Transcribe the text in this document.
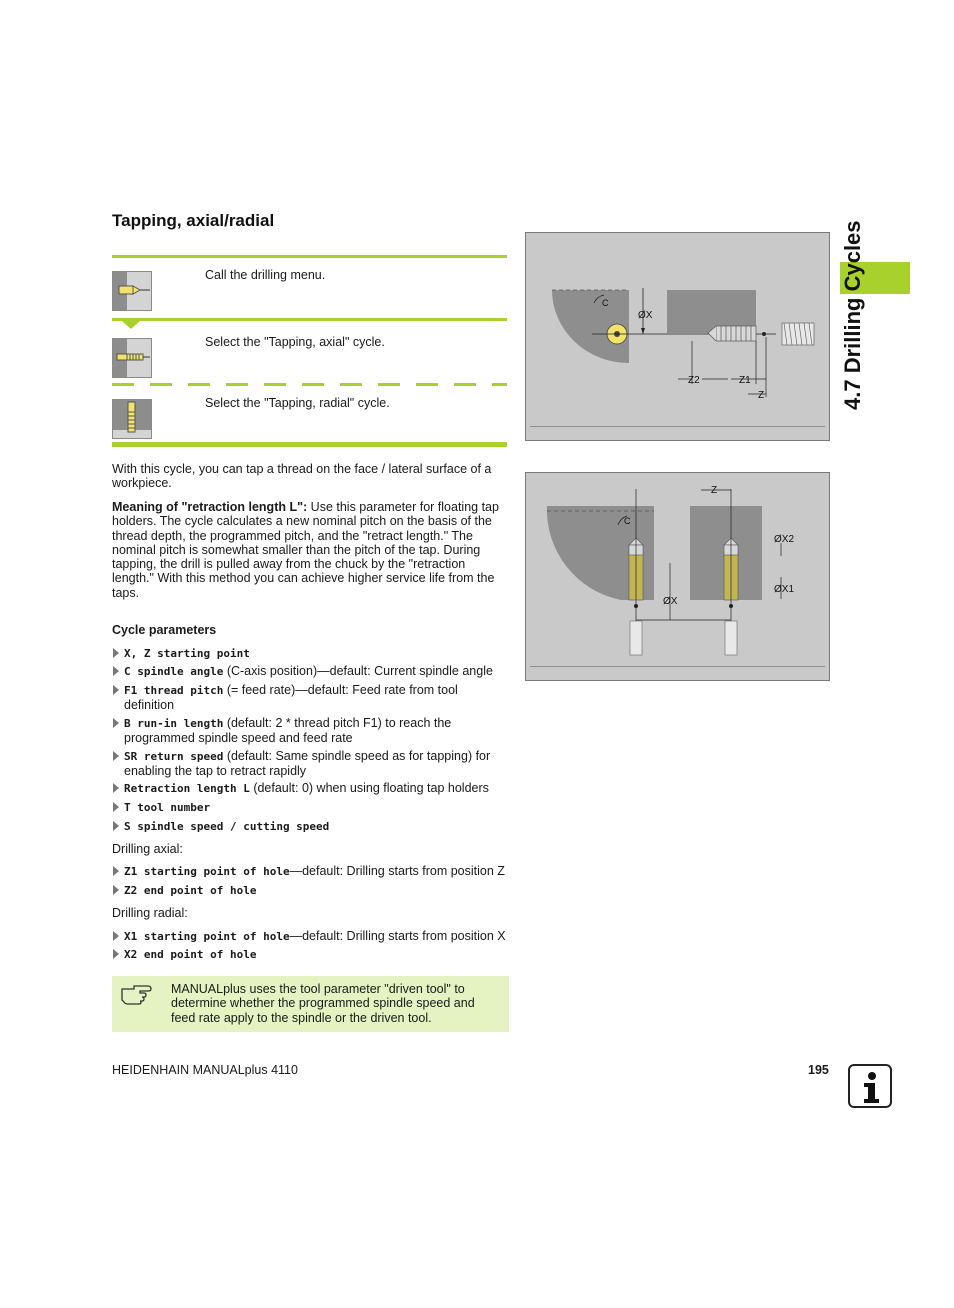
Tapping, axial/radial
Call the drilling menu.
Select the "Tapping, axial" cycle.
Select the "Tapping, radial" cycle.
With this cycle, you can tap a thread on the face / lateral surface of a workpiece.
Meaning of "retraction length L": Use this parameter for floating tap holders. The cycle calculates a new nominal pitch on the basis of the thread depth, the programmed pitch, and the "retract length." The nominal pitch is somewhat smaller than the pitch of the tap. During tapping, the drill is pulled away from the chuck by the "retraction length." With this method you can achieve higher service life from the taps.
Cycle parameters
X, Z starting point
C spindle angle (C-axis position)—default: Current spindle angle
F1 thread pitch (= feed rate)—default: Feed rate from tool definition
B run-in length (default: 2 * thread pitch F1) to reach the programmed spindle speed and feed rate
SR return speed (default: Same spindle speed as for tapping) for enabling the tap to retract rapidly
Retraction length L (default: 0) when using floating tap holders
T tool number
S spindle speed / cutting speed
Drilling axial:
Z1 starting point of hole—default: Drilling starts from position Z
Z2 end point of hole
Drilling radial:
X1 starting point of hole—default: Drilling starts from position X
X2 end point of hole
MANUALplus uses the tool parameter "driven tool" to determine whether the programmed spindle speed and feed rate apply to the spindle or the driven tool.
C
ØX
Z2	Z1
Z
C
Z
ØX2
ØX1
ØX
4.7 Drilling Cycles
HEIDENHAIN MANUALplus 4110	195
